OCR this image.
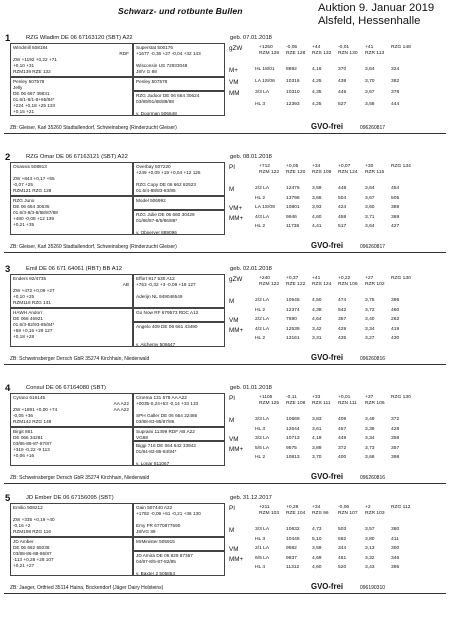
Schwarz- und rotbunte Bullen	Auktion 9. Januar 2019
Alsfeld, Hessenhalle
1	RZG Wladim DE 06 67163120 (SBT) A22	geb. 07.01.2018
Windmill 508184
ZW +1192 +0,22 +71
+0,10 +31
RZM139 RZE 132
RDF
Superstat 500176
+1677 -0,36 +27 -0,04 +32 143
Wisconsin US 72933048
J8/V G 88
Penley 507578
Jelly
DE 06 667 39831
01.6/1-8/1-8+65/84*
+224 +0,18 +25 133
+0,15 +21
Penley 507578
RZG Judoor DE 06 664 30624
03/89/91/88/88/88
v. Doorman 506648
gZW	+1250	-0,05	+44	-0,01	+41	RZG 148
RZM 129 RZE 128 RZS 132 RZN 130 RZR 113
M+	HL 18/01 8892	4,16	370	3,64	324
VM	LA 1S/06 10316	4,25	438	3,70	382
MM	3/3 LA	10310	4,35	449	3,67	378
HL 3	12393	4,25	527	3,58	444
ZB: Gleiser, Karl 35260 Stadtallendorf, Schweinsberg (Rinderzucht Gleiser)	GVO-frei	096260817
2	RZG Omar DE 06 67163121 (SBT) A22	geb. 08.01.2018
Onassis 508913
ZW +843 +0,17 +55
-0,07 +25
RZM121 RZG 128
Overbay 507220
+249 +0,09 +19 +0,04 +12 125
RZG Copy DE 06 662 62523
01.6/4-88/83-83/85
RZG Juno
DE 06 664 30636
01.6/3-8/3-8/58/87/88
+480 -0,08 +12 139
+0,21 +35
Model 506992
RZG Julie DE 06 660 30429
01/86/87-8/5/86/88*
v. Observer 889096
PI	+712	+0,05	+34	+0,07	+30	RZG 134
RZM 122 RZE 120 RZS 109 RZN 124 RZR 115
M	2/2 LA	12476	3,59	448	3,64	454
HL 2	13798	3,66	504	3,67	505
VM+	LA 1S/09 10801	3,93	424	3,60	389
MM+ 4/3 LA	9946	4,60	458	3,71	369
HL 2	11736	4,41	517	3,64	427
ZB: Gleiser, Karl 35260 Stadtallendorf, Schweinsberg (Rinderzucht Gleiser)	GVO-frei	096260817
3	Emil DE 06 671 64061 (RBT) BB A12	geb. 02.01.2018
Enders 92/4736
ZW +472 +0,09 +27
+0,10 +25
RZM118 RZG 131
AB
Effort 917 530 A12
+763 -0,32 +3 -0,09 +18 127
Aderijn NL 949046549
HAWH Andorr
DE 066 46921
01.6/3-82/93-85/84*
+59 +0,16 +29 127
+0,18 +28
Go Now RF 679573 RDC A12
Angelo 409 DE 06 661 43490
v. Alchemy 506647
gZW	+240	+0,37	+41	+0,22	+27	RZG 130
RZM 122 RZE 122 RZS 124 RZN 106 RZR 102
M	2/2 LA	10545	4,50	474	3,75	395
HL 2	12374	4,38	542	3,72	460
VM	2/2 LA	7690	4,64	357	3,40	262
MM+ 4/2 LA	12539	3,42	429	3,34	419
HL 2	13161	3,31	435	3,27	430
ZB: Schweinsberger Dersch GbR 35274 Kirchhain, Niederwald	GVO-frei	096260816
4	Consul DE 06 67164080 (SBT)	geb. 01.01.2018
Cyrano 616145
ZW +1891 +0,00 +74
-0,05 +36
RZM142 RZG 148
AA A22
AA A22
Cinema 131 578 AA A22
+0035-0,24+53 -0,14 +33 133
SPH Galler DE 06 664 22486
03/88-83-85/87/86
Birgit 861
DE 066 34281
03/86-88-87-87/87
+319 -0,22 -9 113
+0,06 +16
Supraini 11399 RDF AB A22
VG88
Biggi 716 DE 064 642 33942
01/84-82-86-84/84*
v. Lonar 811067
PI	+1105	-0,11	+33	+0,01	+37	RZG 130
RZM 125 RZE 108 RZS 111 RZN 111 RZR 106
M	3/3 LA	10669	3,83	409	3,49	372
HL 3	12644	3,61	457	3,39	428
VM	3/2 LA	10713	4,19	449	3,34	358
MM+ 5/5 LA	9575	3,89	372	3,73	357
HL 2	10813	3,70	400	3,68	398
ZB: Schweinsberger Dersch GbR 35274 Kirchhain, Niederwald	GVO-frei	096260816
5	JD Ember DE 06 67156095 (SBT)	geb. 31.12.2017
Emilio 508212
ZW +335 +0,19 +40
-0,16 +2
RZM108 RZG 116
Gain 507440 A22
+1782 -0,09 +61 -0,21 +36 130
Emy FR 6770877690
J8/VG 89
JD Amber
DE 06 662 65038
03/88-86-88-86/87
-113 +0,28 +28 107
+0,21 +27
MrMinister 505915
JD Amira DE 06 829 87357
04/87-8/5-87-82/85
v. Baxter 2 505854
PI	+211	+0,28	+34	-0,06	+2	RZG 112
RZM 103 RZE 104 RZS 96 RZN 107 RZR 103
M	3/3 LA	10632	4,73	503	3,57	380
HL 3	10445	5,10	582	3,80	411
VM	2/1 LA	9582	3,59	344	3,13	300
MM+ 6/5 LA	9837	4,69	461	3,32	346
HL 4	11312	4,60	520	3,43	395
ZB: Jaeger, Ortfried 35114 Haina, Bockendorf (Jäger Dairy Holsteins)	GVO-frei	096190310
